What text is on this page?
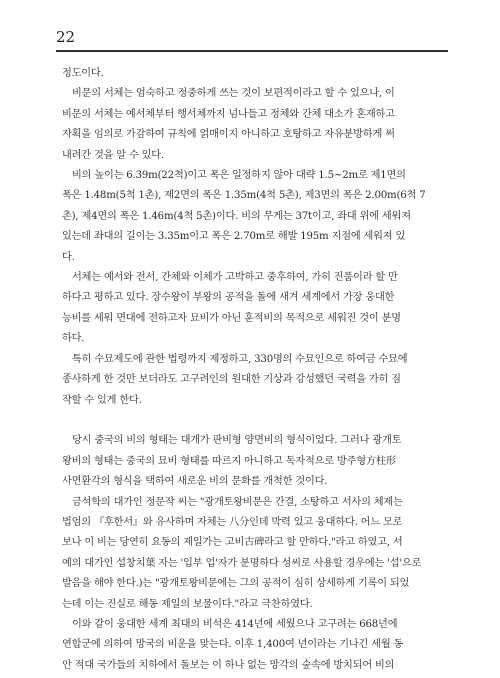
22

정도이다.

비문의 서체는 엄숙하고 정중하게 쓰는 것이 보편적이라고 할 수 있으나, 이

비문의 서체는 예서체부터 행서체까지 넘나들고 정체와 간체 대소가 혼재하고

자획을 임의로 가감하여 규칙에 얽매이지 아니하고 호탕하고 자유분방하게 써

내려간 것을 알 수 있다.

비의 높이는 6.39m(22척)이고 폭은 일정하지 않아 대략 1.5~2m로 제1면의

폭은 1.48m(5척 1촌), 제2면의 폭은 1.35m(4척 5촌), 제3면의 폭은 2.00m(6척 7

촌), 제4면의 폭은 1.46m(4척 5촌)이다. 비의 무게는 37t이고, 좌대 위에 세워져

있는데 좌대의 길이는 3.35m이고 폭은 2.70m로 해발 195m 지점에 세워져 있

다.

서체는 예서와 전서, 간체와 이체가 고박하고 중후하여, 가히 진품이라 할 만

하다고 평하고 있다. 장수왕이 부왕의 공적을 돌에 새겨 세계에서 가장 웅대한

능비를 세워 면대에 전하고자 묘비가 아닌 훈적비의 목적으로 세워진 것이 분명

하다.

특히 수묘제도에 관한 법령까지 제정하고, 330명의 수묘인으로 하여금 수묘에

종사하게 한 것만 보더라도 고구려인의 원대한 기상과 강성했던 국력을 가히 짐

작할 수 있게 한다.

당시 중국의 비의 형태는 대개가 판비형 양면비의 형식이었다. 그러나 광개토

왕비의 형태는 중국의 묘비 형태를 따르지 아니하고 독자적으로 방주형方柱形

사면환각의 형식을 택하여 새로운 비의 문화를 개척한 것이다.

금석학의 대가인 정문작 씨는 "광개토왕비문은 간결, 소탕하고 서사의 체제는

법엄의 『후한서』와 유사하며 자체는 八分인데 박력 있고 웅대하다. 어느 모로

보나 이 비는 당연히 요동의 제일가는 고비古碑라고 할 만하다."라고 하였고, 서

예의 대가인 섭창치葉 자는 '입부 업'자가 분명하다 성씨로 사용할 경우에는 '섭'으로

발음을 해야 한다.)는 "광개토왕비문에는 그의 공적이 심히 상세하게 기록이 되었

는데 이는 진실로 해동 제일의 보물이다."라고 극찬하였다.

이와 같이 웅대한 세계 최대의 비석은 414년에 세웠으나 고구려는 668년에

연합군에 의하여 망국의 비운을 맞는다. 이후 1,400여 년이라는 기나긴 세월 동

안 적대 국가들의 치하에서 돌보는 이 하나 없는 망각의 숲속에 방치되어 비의
